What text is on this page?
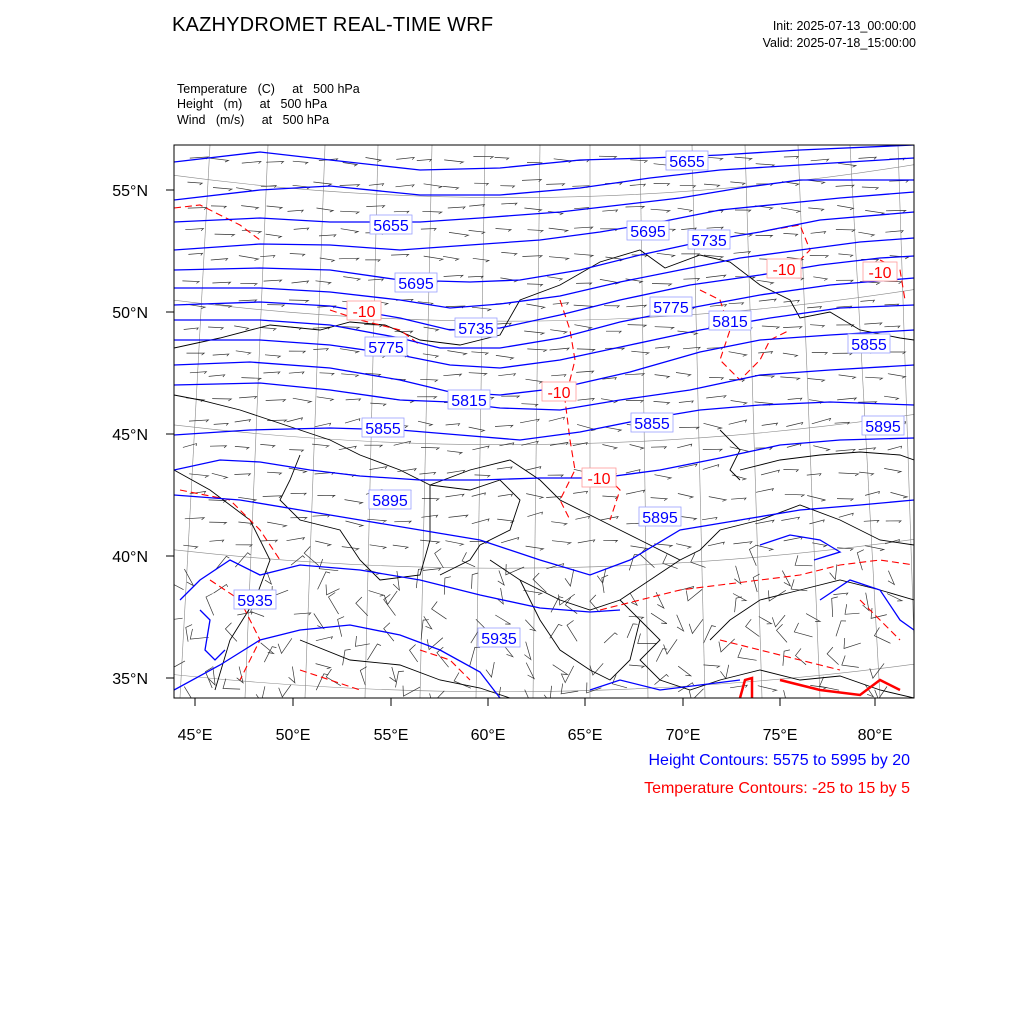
KAZHYDROMET REAL-TIME WRF	Init: 2025-07-13_00:00:00
Valid: 2025-07-18_15:00:00
Temperature   (C)     at   500 hPa
Height   (m)     at   500 hPa
Wind   (m/s)     at   500 hPa
45°E	50°E	55°E	60°E	65°E	70°E	75°E	80°E
35°N
40°N
45°N
50°N
55°N
5655
5655	5695
5695
5735
5735
5775
5775
5815
5815
5855	5855
5855
5895
5895
5895
5935
5935
-10
-10
-10
-10	-10
Height Contours: 5575 to 5995 by 20
Temperature Contours: -25 to 15 by 5
